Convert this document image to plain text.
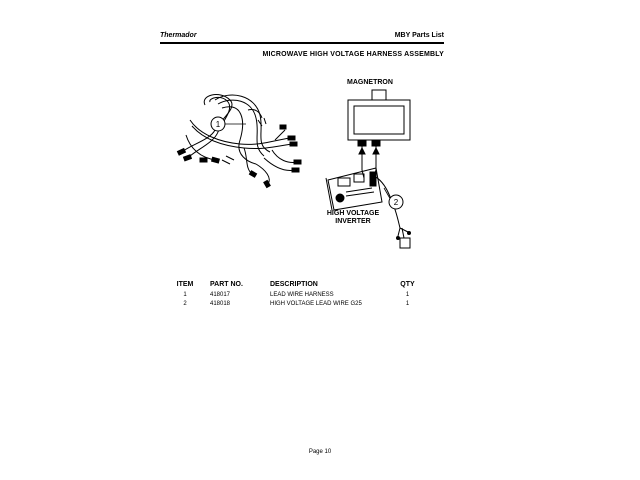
Thermador	MBY Parts List
MICROWAVE HIGH VOLTAGE HARNESS ASSEMBLY
1
2
MAGNETRON
HIGH VOLTAGE
INVERTER
ITEM	PART NO.	DESCRIPTION	QTY
1	418017	LEAD WIRE HARNESS	1
2	418018	HIGH VOLTAGE LEAD WIRE G25	1
Page 10
